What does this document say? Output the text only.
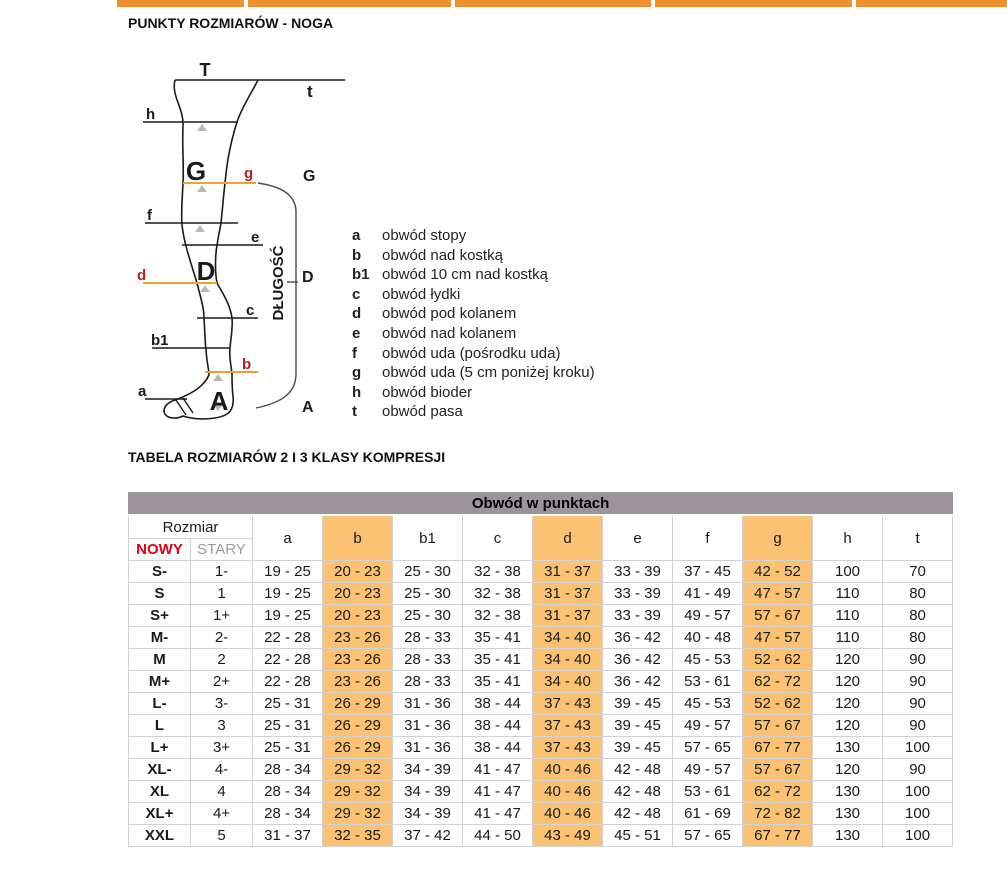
PUNKTY ROZMIARÓW - NOGA
TABELA ROZMIARÓW 2 I 3 KLASY KOMPRESJI
T
G
D
A
t
h
g
f
e
d
c
b1
b
a
G
D
A
DŁUGOŚĆ
a	obwód stopy
b	obwód nad kostką
b1 obwód 10 cm nad kostką
c	obwód łydki
d	obwód pod kolanem
e	obwód nad kolanem
f	obwód uda (pośrodku uda)
g	obwód uda (5 cm poniżej kroku)
h	obwód bioder
t	obwód pasa
Obwód w punktach											
Rozmiar		a	b	b1	c	d	e	f	g	h	t
NOWY	STARY										
S-	1-	19 - 25	20 - 23	25 - 30	32 - 38	31 - 37	33 - 39	37 - 45	42 - 52	100	70
S	1	19 - 25	20 - 23	25 - 30	32 - 38	31 - 37	33 - 39	41 - 49	47 - 57	110	80
S+	1+	19 - 25	20 - 23	25 - 30	32 - 38	31 - 37	33 - 39	49 - 57	57 - 67	110	80
M-	2-	22 - 28	23 - 26	28 - 33	35 - 41	34 - 40	36 - 42	40 - 48	47 - 57	110	80
M	2	22 - 28	23 - 26	28 - 33	35 - 41	34 - 40	36 - 42	45 - 53	52 - 62	120	90
M+	2+	22 - 28	23 - 26	28 - 33	35 - 41	34 - 40	36 - 42	53 - 61	62 - 72	120	90
L-	3-	25 - 31	26 - 29	31 - 36	38 - 44	37 - 43	39 - 45	45 - 53	52 - 62	120	90
L	3	25 - 31	26 - 29	31 - 36	38 - 44	37 - 43	39 - 45	49 - 57	57 - 67	120	90
L+	3+	25 - 31	26 - 29	31 - 36	38 - 44	37 - 43	39 - 45	57 - 65	67 - 77	130	100
XL-	4-	28 - 34	29 - 32	34 - 39	41 - 47	40 - 46	42 - 48	49 - 57	57 - 67	120	90
XL	4	28 - 34	29 - 32	34 - 39	41 - 47	40 - 46	42 - 48	53 - 61	62 - 72	130	100
XL+	4+	28 - 34	29 - 32	34 - 39	41 - 47	40 - 46	42 - 48	61 - 69	72 - 82	130	100
XXL	5	31 - 37	32 - 35	37 - 42	44 - 50	43 - 49	45 - 51	57 - 65	67 - 77	130	100
